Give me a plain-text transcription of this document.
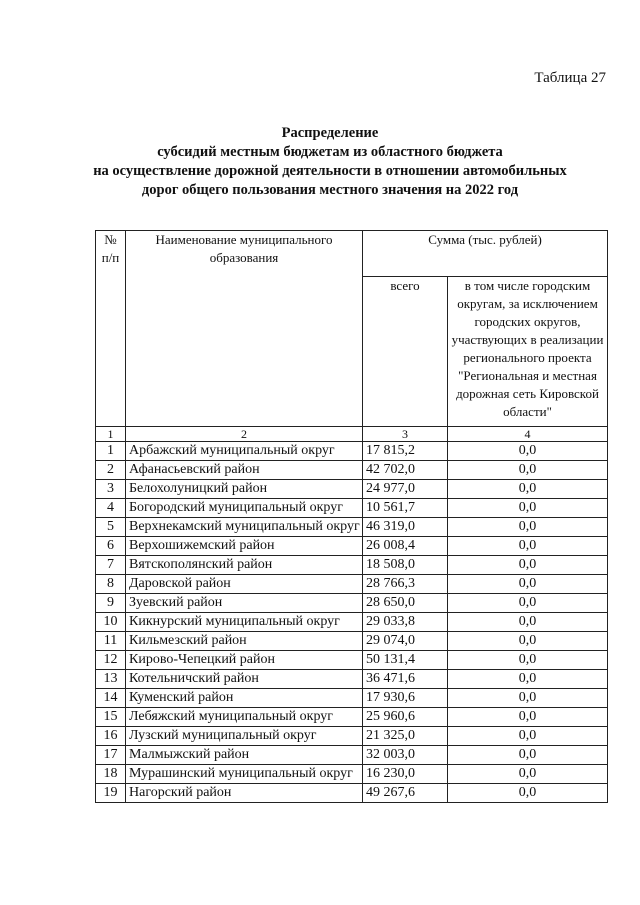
Таблица 27
Распределение
субсидий местным бюджетам из областного бюджета
на осуществление дорожной деятельности в отношении автомобильных
дорог общего пользования местного значения на 2022 год
№ п/п	Наименование муниципального образования	Сумма (тыс. рублей)	
		всего	в том числе городским округам, за исключением городских округов, участвующих в реализации регионального проекта "Региональная и местная дорожная сеть Кировской области"
1	2	3	4
1	Арбажский муниципальный округ	17 815,2	0,0
2	Афанасьевский район	42 702,0	0,0
3	Белохолуницкий район	24 977,0	0,0
4	Богородский муниципальный округ	10 561,7	0,0
5	Верхнекамский муниципальный округ	46 319,0	0,0
6	Верхошижемский район	26 008,4	0,0
7	Вятскополянский район	18 508,0	0,0
8	Даровской район	28 766,3	0,0
9	Зуевский район	28 650,0	0,0
10	Кикнурский муниципальный округ	29 033,8	0,0
11	Кильмезский район	29 074,0	0,0
12	Кирово-Чепецкий район	50 131,4	0,0
13	Котельничский район	36 471,6	0,0
14	Куменский район	17 930,6	0,0
15	Лебяжский муниципальный округ	25 960,6	0,0
16	Лузский муниципальный округ	21 325,0	0,0
17	Малмыжский район	32 003,0	0,0
18	Мурашинский муниципальный округ	16 230,0	0,0
19	Нагорский район	49 267,6	0,0
